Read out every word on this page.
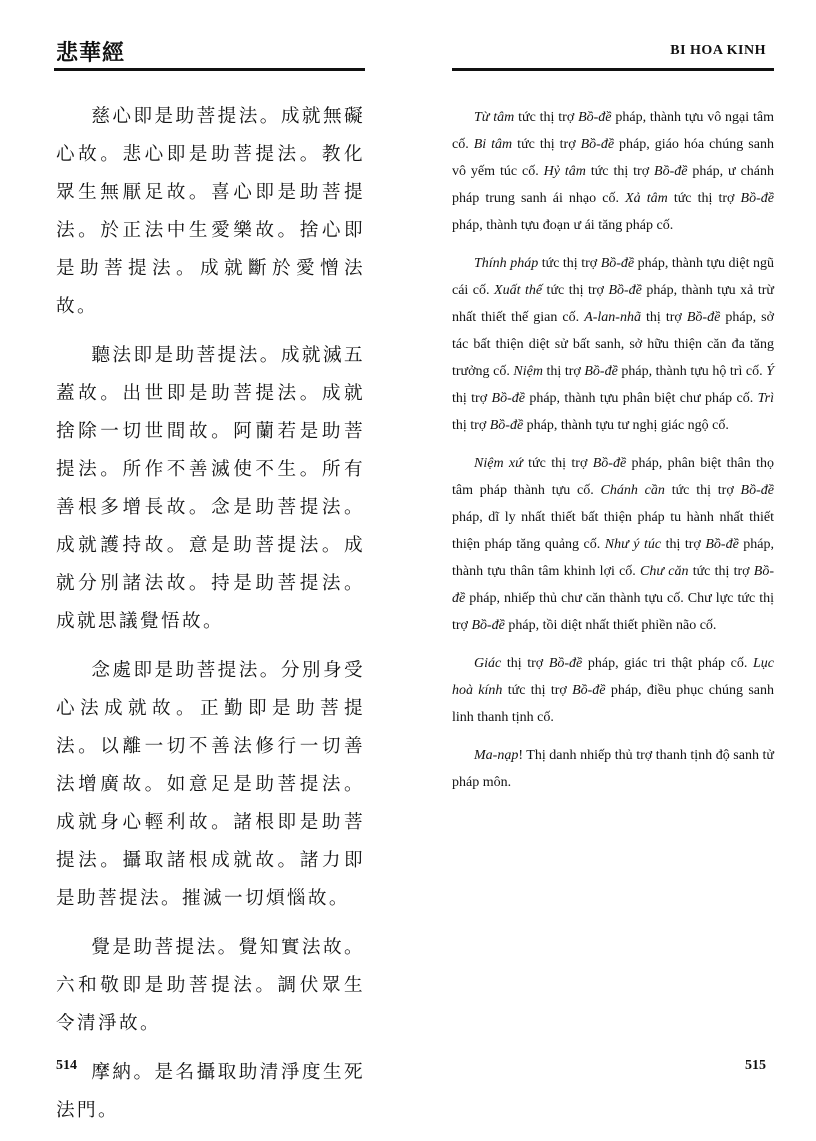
悲華經

慈心即是助菩提法。成就無礙心故。悲心即是助菩提法。教化眾生無厭足故。喜心即是助菩提法。於正法中生愛樂故。捨心即是助菩提法。成就斷於愛憎法故。

聽法即是助菩提法。成就滅五蓋故。出世即是助菩提法。成就捨除一切世間故。阿蘭若是助菩提法。所作不善滅使不生。所有善根多增長故。念是助菩提法。成就護持故。意是助菩提法。成就分別諸法故。持是助菩提法。成就思議覺悟故。

念處即是助菩提法。分別身受心法成就故。正勤即是助菩提法。以離一切不善法修行一切善法增廣故。如意足是助菩提法。成就身心輕利故。諸根即是助菩提法。攝取諸根成就故。諸力即是助菩提法。摧滅一切煩惱故。

覺是助菩提法。覺知實法故。六和敬即是助菩提法。調伏眾生令清淨故。

摩納。是名攝取助清淨度生死法門。

514
BI HOA KINH

Từ tâm tức thị trợ Bồ-đề pháp, thành tựu vô ngại tâm cố. Bi tâm tức thị trợ Bồ-đề pháp, giáo hóa chúng sanh vô yếm túc cố. Hỷ tâm tức thị trợ Bồ-đề pháp, ư chánh pháp trung sanh ái nhạo cố. Xả tâm tức thị trợ Bồ-đề pháp, thành tựu đoạn ư ái tăng pháp cố.

Thính pháp tức thị trợ Bồ-đề pháp, thành tựu diệt ngũ cái cố. Xuất thế tức thị trợ Bồ-đề pháp, thành tựu xả trừ nhất thiết thế gian cố. A-lan-nhã thị trợ Bồ-đề pháp, sở tác bất thiện diệt sử bất sanh, sở hữu thiện căn đa tăng trưởng cố. Niệm thị trợ Bồ-đề pháp, thành tựu hộ trì cố. Ý thị trợ Bồ-đề pháp, thành tựu phân biệt chư pháp cố. Trì thị trợ Bồ-đề pháp, thành tựu tư nghị giác ngộ cố.

Niệm xứ tức thị trợ Bồ-đề pháp, phân biệt thân thọ tâm pháp thành tựu cố. Chánh cần tức thị trợ Bồ-đề pháp, dĩ ly nhất thiết bất thiện pháp tu hành nhất thiết thiện pháp tăng quảng cố. Như ý túc thị trợ Bồ-đề pháp, thành tựu thân tâm khinh lợi cố. Chư căn tức thị trợ Bồ-đề pháp, nhiếp thủ chư căn thành tựu cố. Chư lực tức thị trợ Bồ-đề pháp, tồi diệt nhất thiết phiền não cố.

Giác thị trợ Bồ-đề pháp, giác tri thật pháp cố. Lục hoà kính tức thị trợ Bồ-đề pháp, điều phục chúng sanh linh thanh tịnh cố.

Ma-nạp! Thị danh nhiếp thủ trợ thanh tịnh độ sanh tử pháp môn.

515
